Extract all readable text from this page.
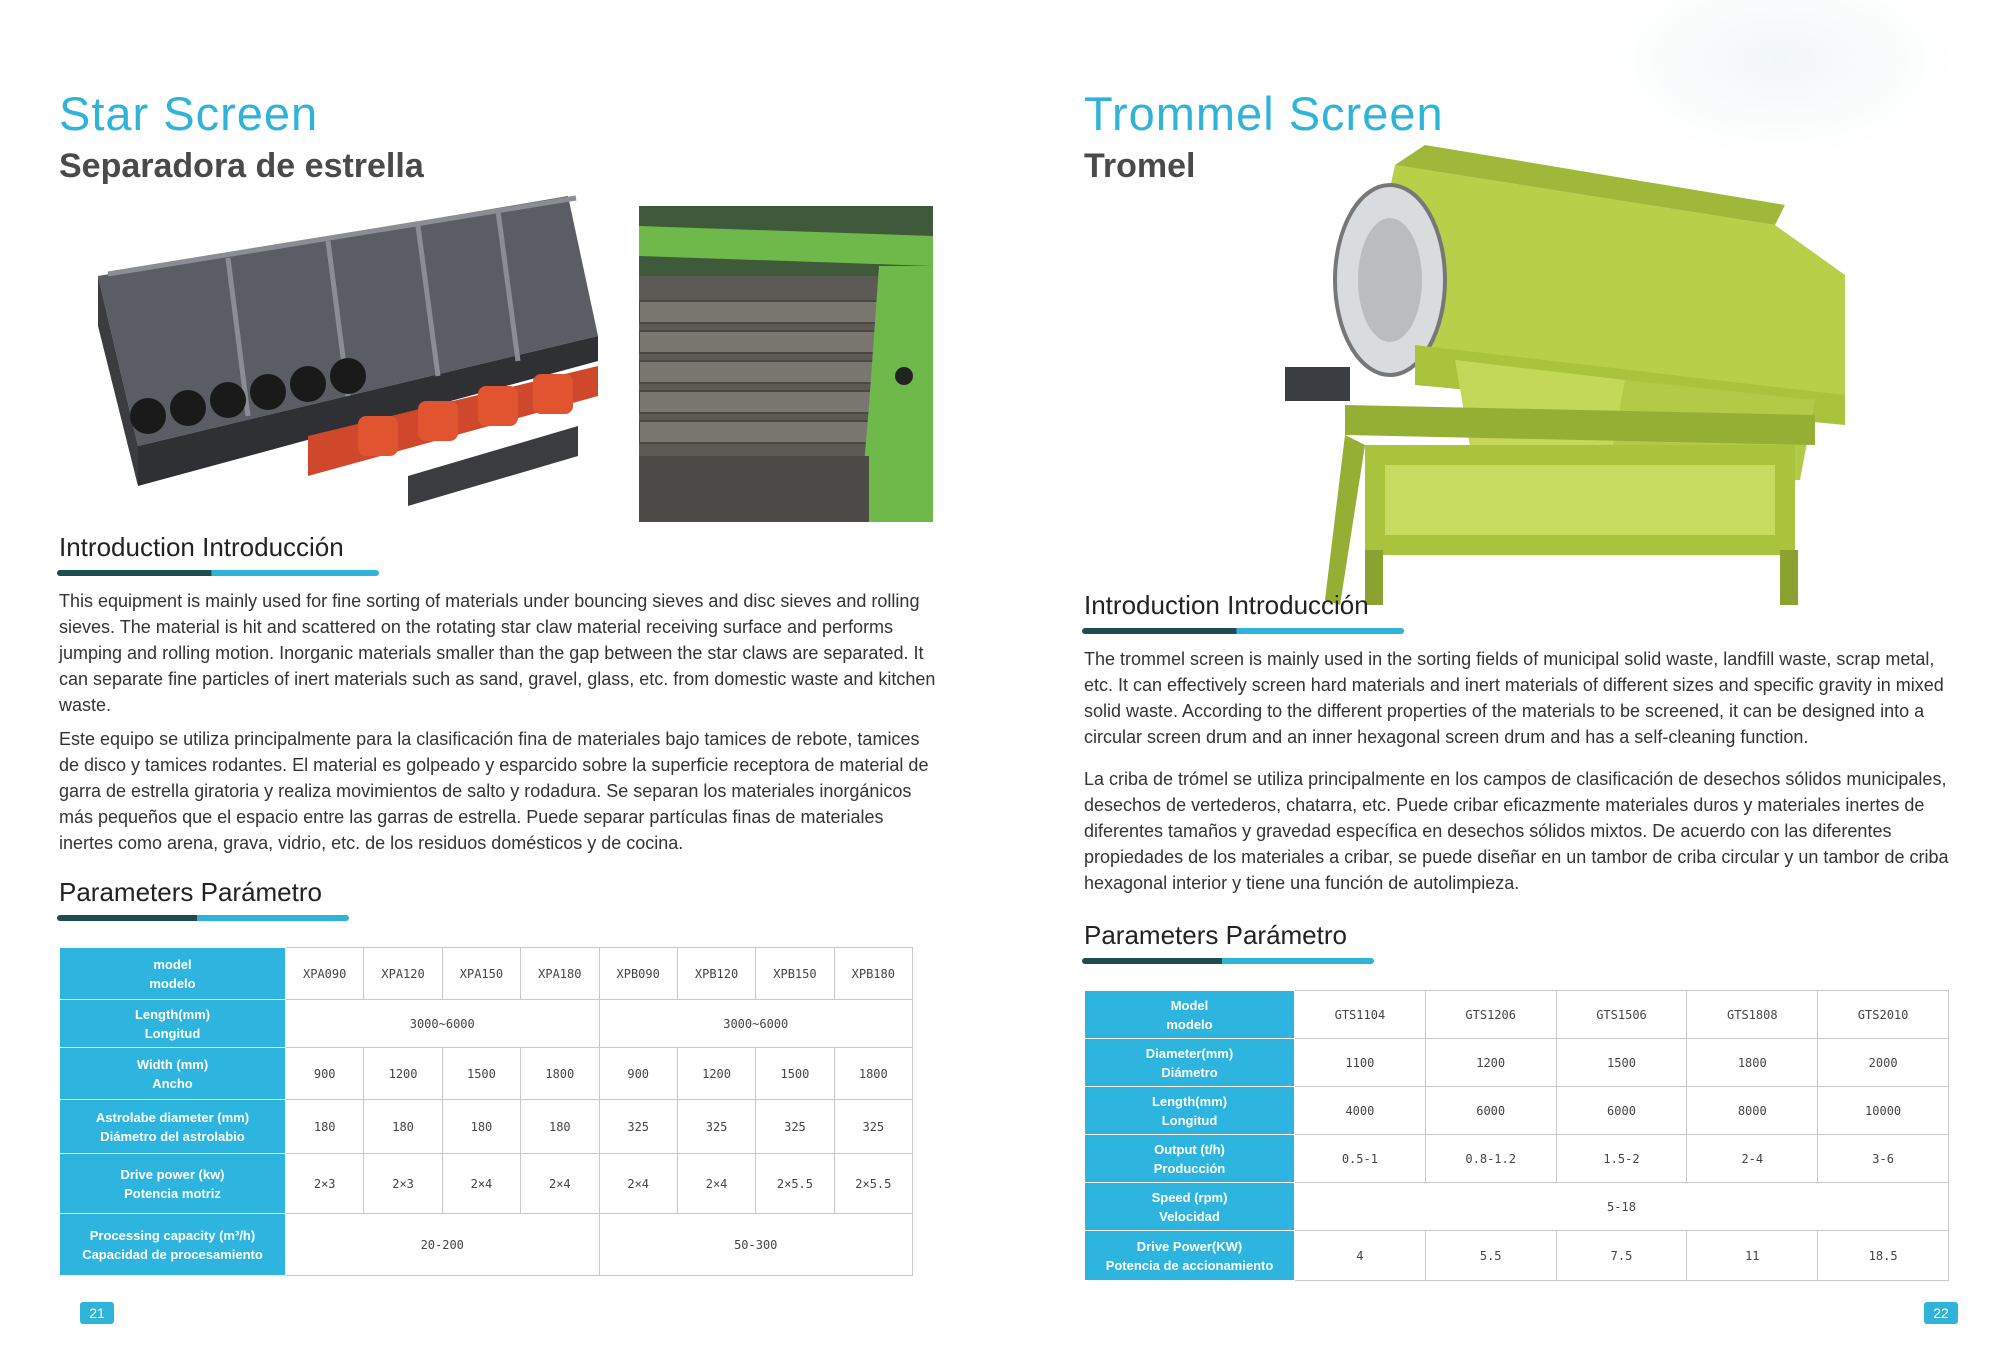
Star Screen
Separadora de estrella
Introduction Introducción

This equipment is mainly used for fine sorting of materials under bouncing sieves and disc sieves and rolling sieves. The material is hit and scattered on the rotating star claw material receiving surface and performs jumping and rolling motion. Inorganic materials smaller than the gap between the star claws are separated. It can separate fine particles of inert materials such as sand, gravel, glass, etc. from domestic waste and kitchen waste.

Este equipo se utiliza principalmente para la clasificación fina de materiales bajo tamices de rebote, tamices de disco y tamices rodantes. El material es golpeado y esparcido sobre la superficie receptora de material de garra de estrella giratoria y realiza movimientos de salto y rodadura. Se separan los materiales inorgánicos más pequeños que el espacio entre las garras de estrella. Puede separar partículas finas de materiales inertes como arena, grava, vidrio, etc. de los residuos domésticos y de cocina.

Parameters Parámetro
model
modelo	XPA090	XPA120	XPA150	XPA180	XPB090	XPB120	XPB150	XPB180

Length(mm)
Longitud	3000~6000				3000~6000			

Width (mm)
Ancho	900	1200	1500	1800	900	1200	1500	1800

Astrolabe diameter (mm)
Diámetro del astrolabio	180	180	180	180	325	325	325	325

Drive power (kw)
Potencia motriz	2×3	2×3	2×4	2×4	2×4	2×4	2×5.5	2×5.5

Processing capacity (m³/h)
Capacidad de procesamiento	20-200				50-300			
21
Trommel Screen
Tromel
Introduction Introducción

The trommel screen is mainly used in the sorting fields of municipal solid waste, landfill waste, scrap metal, etc. It can effectively screen hard materials and inert materials of different sizes and specific gravity in mixed solid waste. According to the different properties of the materials to be screened, it can be designed into a circular screen drum and an inner hexagonal screen drum and has a self-cleaning function.

La criba de trómel se utiliza principalmente en los campos de clasificación de desechos sólidos municipales, desechos de vertederos, chatarra, etc. Puede cribar eficazmente materiales duros y materiales inertes de diferentes tamaños y gravedad específica en desechos sólidos mixtos. De acuerdo con las diferentes propiedades de los materiales a cribar, se puede diseñar en un tambor de criba circular y un tambor de criba hexagonal interior y tiene una función de autolimpieza.

Parameters Parámetro
Model
modelo	GTS1104	GTS1206	GTS1506	GTS1808	GTS2010

Diameter(mm)
Diámetro	1100	1200	1500	1800	2000

Length(mm)
Longitud	4000	6000	6000	8000	10000

Output (t/h)
Producción	0.5-1	0.8-1.2	1.5-2	2-4	3-6

Speed (rpm)
Velocidad	5-18				

Drive Power(KW)
Potencia de accionamiento	4	5.5	7.5	11	18.5
22
